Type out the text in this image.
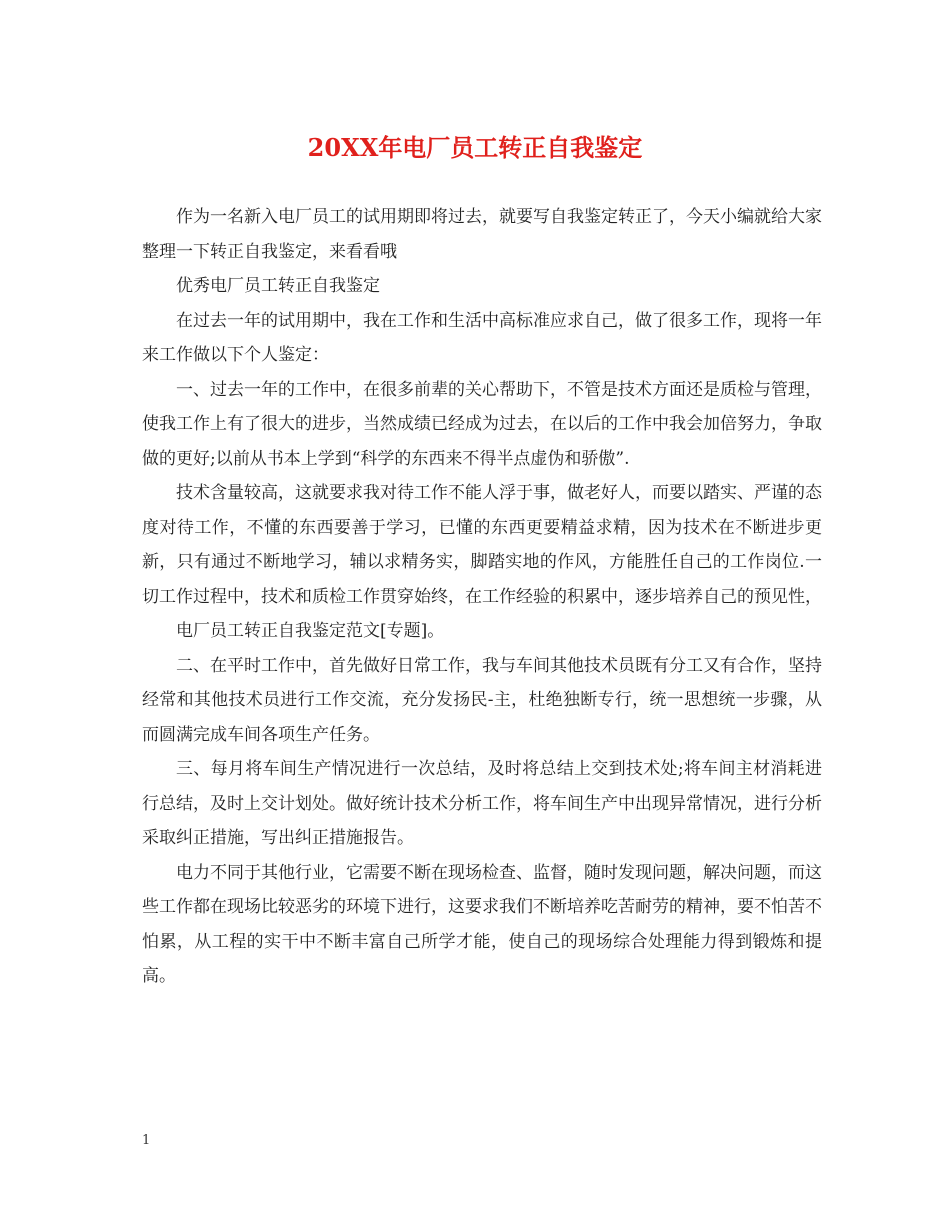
20XX年电厂员工转正自我鉴定

作为一名新入电厂员工的试用期即将过去，就要写自我鉴定转正了，今天小编就给大家整理一下转正自我鉴定，来看看哦

优秀电厂员工转正自我鉴定

在过去一年的试用期中，我在工作和生活中高标准应求自己，做了很多工作，现将一年来工作做以下个人鉴定：

一、过去一年的工作中，在很多前辈的关心帮助下，不管是技术方面还是质检与管理，使我工作上有了很大的进步，当然成绩已经成为过去，在以后的工作中我会加倍努力，争取做的更好;以前从书本上学到“科学的东西来不得半点虚伪和骄傲”.

技术含量较高，这就要求我对待工作不能人浮于事，做老好人，而要以踏实、严谨的态度对待工作，不懂的东西要善于学习，已懂的东西更要精益求精，因为技术在不断进步更新，只有通过不断地学习，辅以求精务实，脚踏实地的作风，方能胜任自己的工作岗位.一切工作过程中，技术和质检工作贯穿始终，在工作经验的积累中，逐步培养自己的预见性，

电厂员工转正自我鉴定范文[专题]。

二、在平时工作中，首先做好日常工作，我与车间其他技术员既有分工又有合作，坚持经常和其他技术员进行工作交流，充分发扬民-主，杜绝独断专行，统一思想统一步骤，从而圆满完成车间各项生产任务。

三、每月将车间生产情况进行一次总结，及时将总结上交到技术处;将车间主材消耗进行总结，及时上交计划处。做好统计技术分析工作，将车间生产中出现异常情况，进行分析采取纠正措施，写出纠正措施报告。

电力不同于其他行业，它需要不断在现场检查、监督，随时发现问题，解决问题，而这些工作都在现场比较恶劣的环境下进行，这要求我们不断培养吃苦耐劳的精神，要不怕苦不怕累，从工程的实干中不断丰富自己所学才能，使自己的现场综合处理能力得到锻炼和提高。

1
